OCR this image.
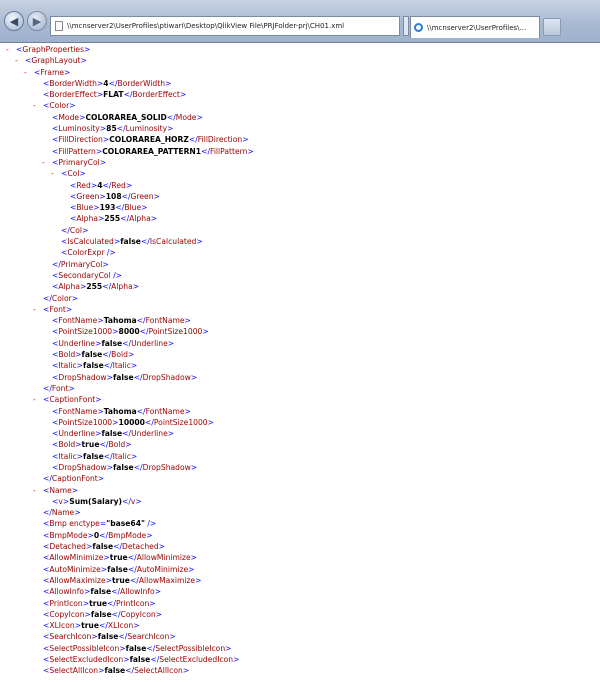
◀ ▶	\\mcnserver2\UserProfiles\ptiwari\Desktop\QlikView File\PRJFolder-prj\CH01.xml	\\mcnserver2\UserProfiles\...
- <GraphProperties>
- <GraphLayout>
- <Frame>
<BorderWidth>4</BorderWidth>
<BorderEffect>FLAT</BorderEffect>
- <Color>
<Mode>COLORAREA_SOLID</Mode>
<Luminosity>85</Luminosity>
<FillDirection>COLORAREA_HORZ</FillDirection>
<FillPattern>COLORAREA_PATTERN1</FillPattern>
- <PrimaryCol>
- <Col>
<Red>4</Red>
<Green>108</Green>
<Blue>193</Blue>
<Alpha>255</Alpha>
</Col>
<IsCalculated>false</IsCalculated>
<ColorExpr />
</PrimaryCol>
<SecondaryCol />
<Alpha>255</Alpha>
</Color>
- <Font>
<FontName>Tahoma</FontName>
<PointSize1000>8000</PointSize1000>
<Underline>false</Underline>
<Bold>false</Bold>
<Italic>false</Italic>
<DropShadow>false</DropShadow>
</Font>
- <CaptionFont>
<FontName>Tahoma</FontName>
<PointSize1000>10000</PointSize1000>
<Underline>false</Underline>
<Bold>true</Bold>
<Italic>false</Italic>
<DropShadow>false</DropShadow>
</CaptionFont>
- <Name>
<v>Sum(Salary)</v>
</Name>
<Bmp enctype="base64" />
<BmpMode>0</BmpMode>
<Detached>false</Detached>
<AllowMinimize>true</AllowMinimize>
<AutoMinimize>false</AutoMinimize>
<AllowMaximize>true</AllowMaximize>
<AllowInfo>false</AllowInfo>
<PrintIcon>true</PrintIcon>
<CopyIcon>false</CopyIcon>
<XLIcon>true</XLIcon>
<SearchIcon>false</SearchIcon>
<SelectPossibleIcon>false</SelectPossibleIcon>
<SelectExcludedIcon>false</SelectExcludedIcon>
<SelectAllIcon>false</SelectAllIcon>
